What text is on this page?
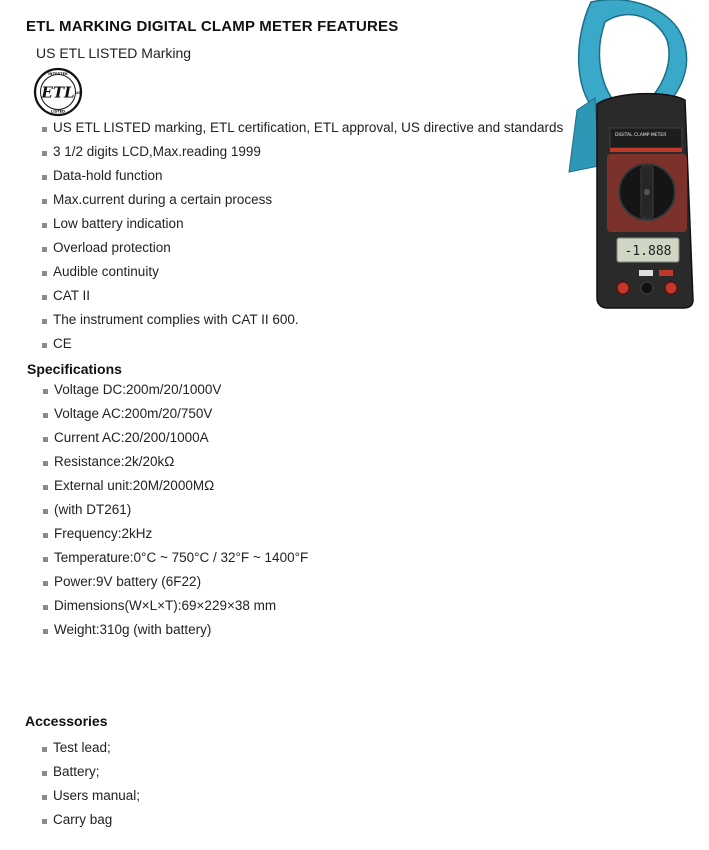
ETL MARKING DIGITAL CLAMP METER FEATURES
US ETL LISTED Marking
ETL
INTERTEK
LISTED
US
US ETL LISTED marking, ETL certification, ETL approval, US directive and standards
3 1/2 digits LCD,Max.reading 1999
Data-hold function
Max.current during a certain process
Low battery indication
Overload protection
Audible continuity
CAT II
The instrument complies with CAT II 600.
CE
Specifications
Voltage DC:200m/20/1000V
Voltage AC:200m/20/750V
Current AC:20/200/1000A
Resistance:2k/20kΩ
External unit:20M/2000MΩ
(with DT261)
Frequency:2kHz
Temperature:0°C ~ 750°C / 32°F ~ 1400°F
Power:9V battery (6F22)
Dimensions(W×L×T):69×229×38 mm
Weight:310g (with battery)
Accessories
Test lead;
Battery;
Users manual;
Carry bag
DIGITAL CLAMP METER
-1.888
